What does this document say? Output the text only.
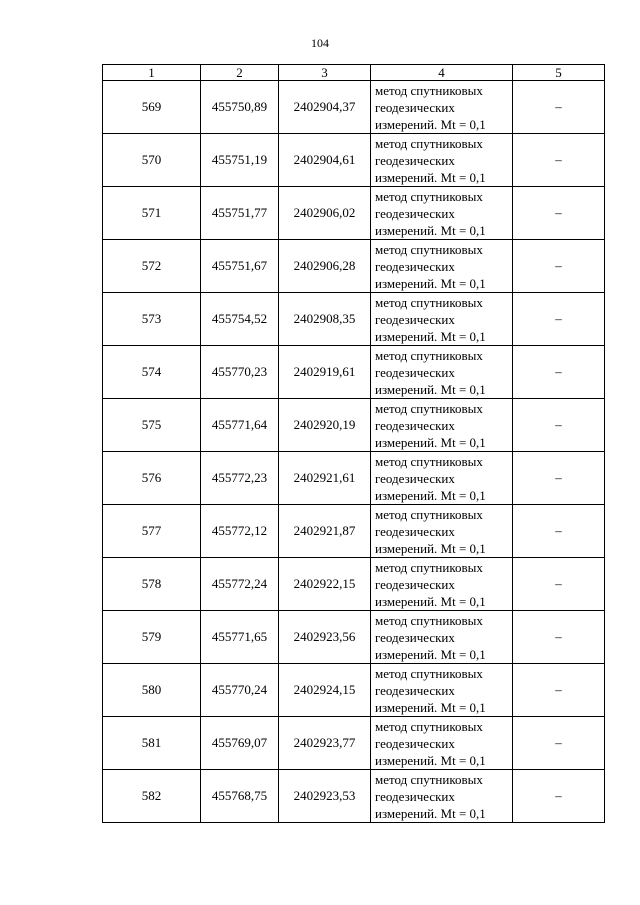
104
1	2	3	4	5
569	455750,89	2402904,37	метод спутниковых
геодезических
измерений. Mt = 0,1	–
570	455751,19	2402904,61	метод спутниковых
геодезических
измерений. Mt = 0,1	–
571	455751,77	2402906,02	метод спутниковых
геодезических
измерений. Mt = 0,1	–
572	455751,67	2402906,28	метод спутниковых
геодезических
измерений. Mt = 0,1	–
573	455754,52	2402908,35	метод спутниковых
геодезических
измерений. Mt = 0,1	–
574	455770,23	2402919,61	метод спутниковых
геодезических
измерений. Mt = 0,1	–
575	455771,64	2402920,19	метод спутниковых
геодезических
измерений. Mt = 0,1	–
576	455772,23	2402921,61	метод спутниковых
геодезических
измерений. Mt = 0,1	–
577	455772,12	2402921,87	метод спутниковых
геодезических
измерений. Mt = 0,1	–
578	455772,24	2402922,15	метод спутниковых
геодезических
измерений. Mt = 0,1	–
579	455771,65	2402923,56	метод спутниковых
геодезических
измерений. Mt = 0,1	–
580	455770,24	2402924,15	метод спутниковых
геодезических
измерений. Mt = 0,1	–
581	455769,07	2402923,77	метод спутниковых
геодезических
измерений. Mt = 0,1	–
582	455768,75	2402923,53	метод спутниковых
геодезических
измерений. Mt = 0,1	–
